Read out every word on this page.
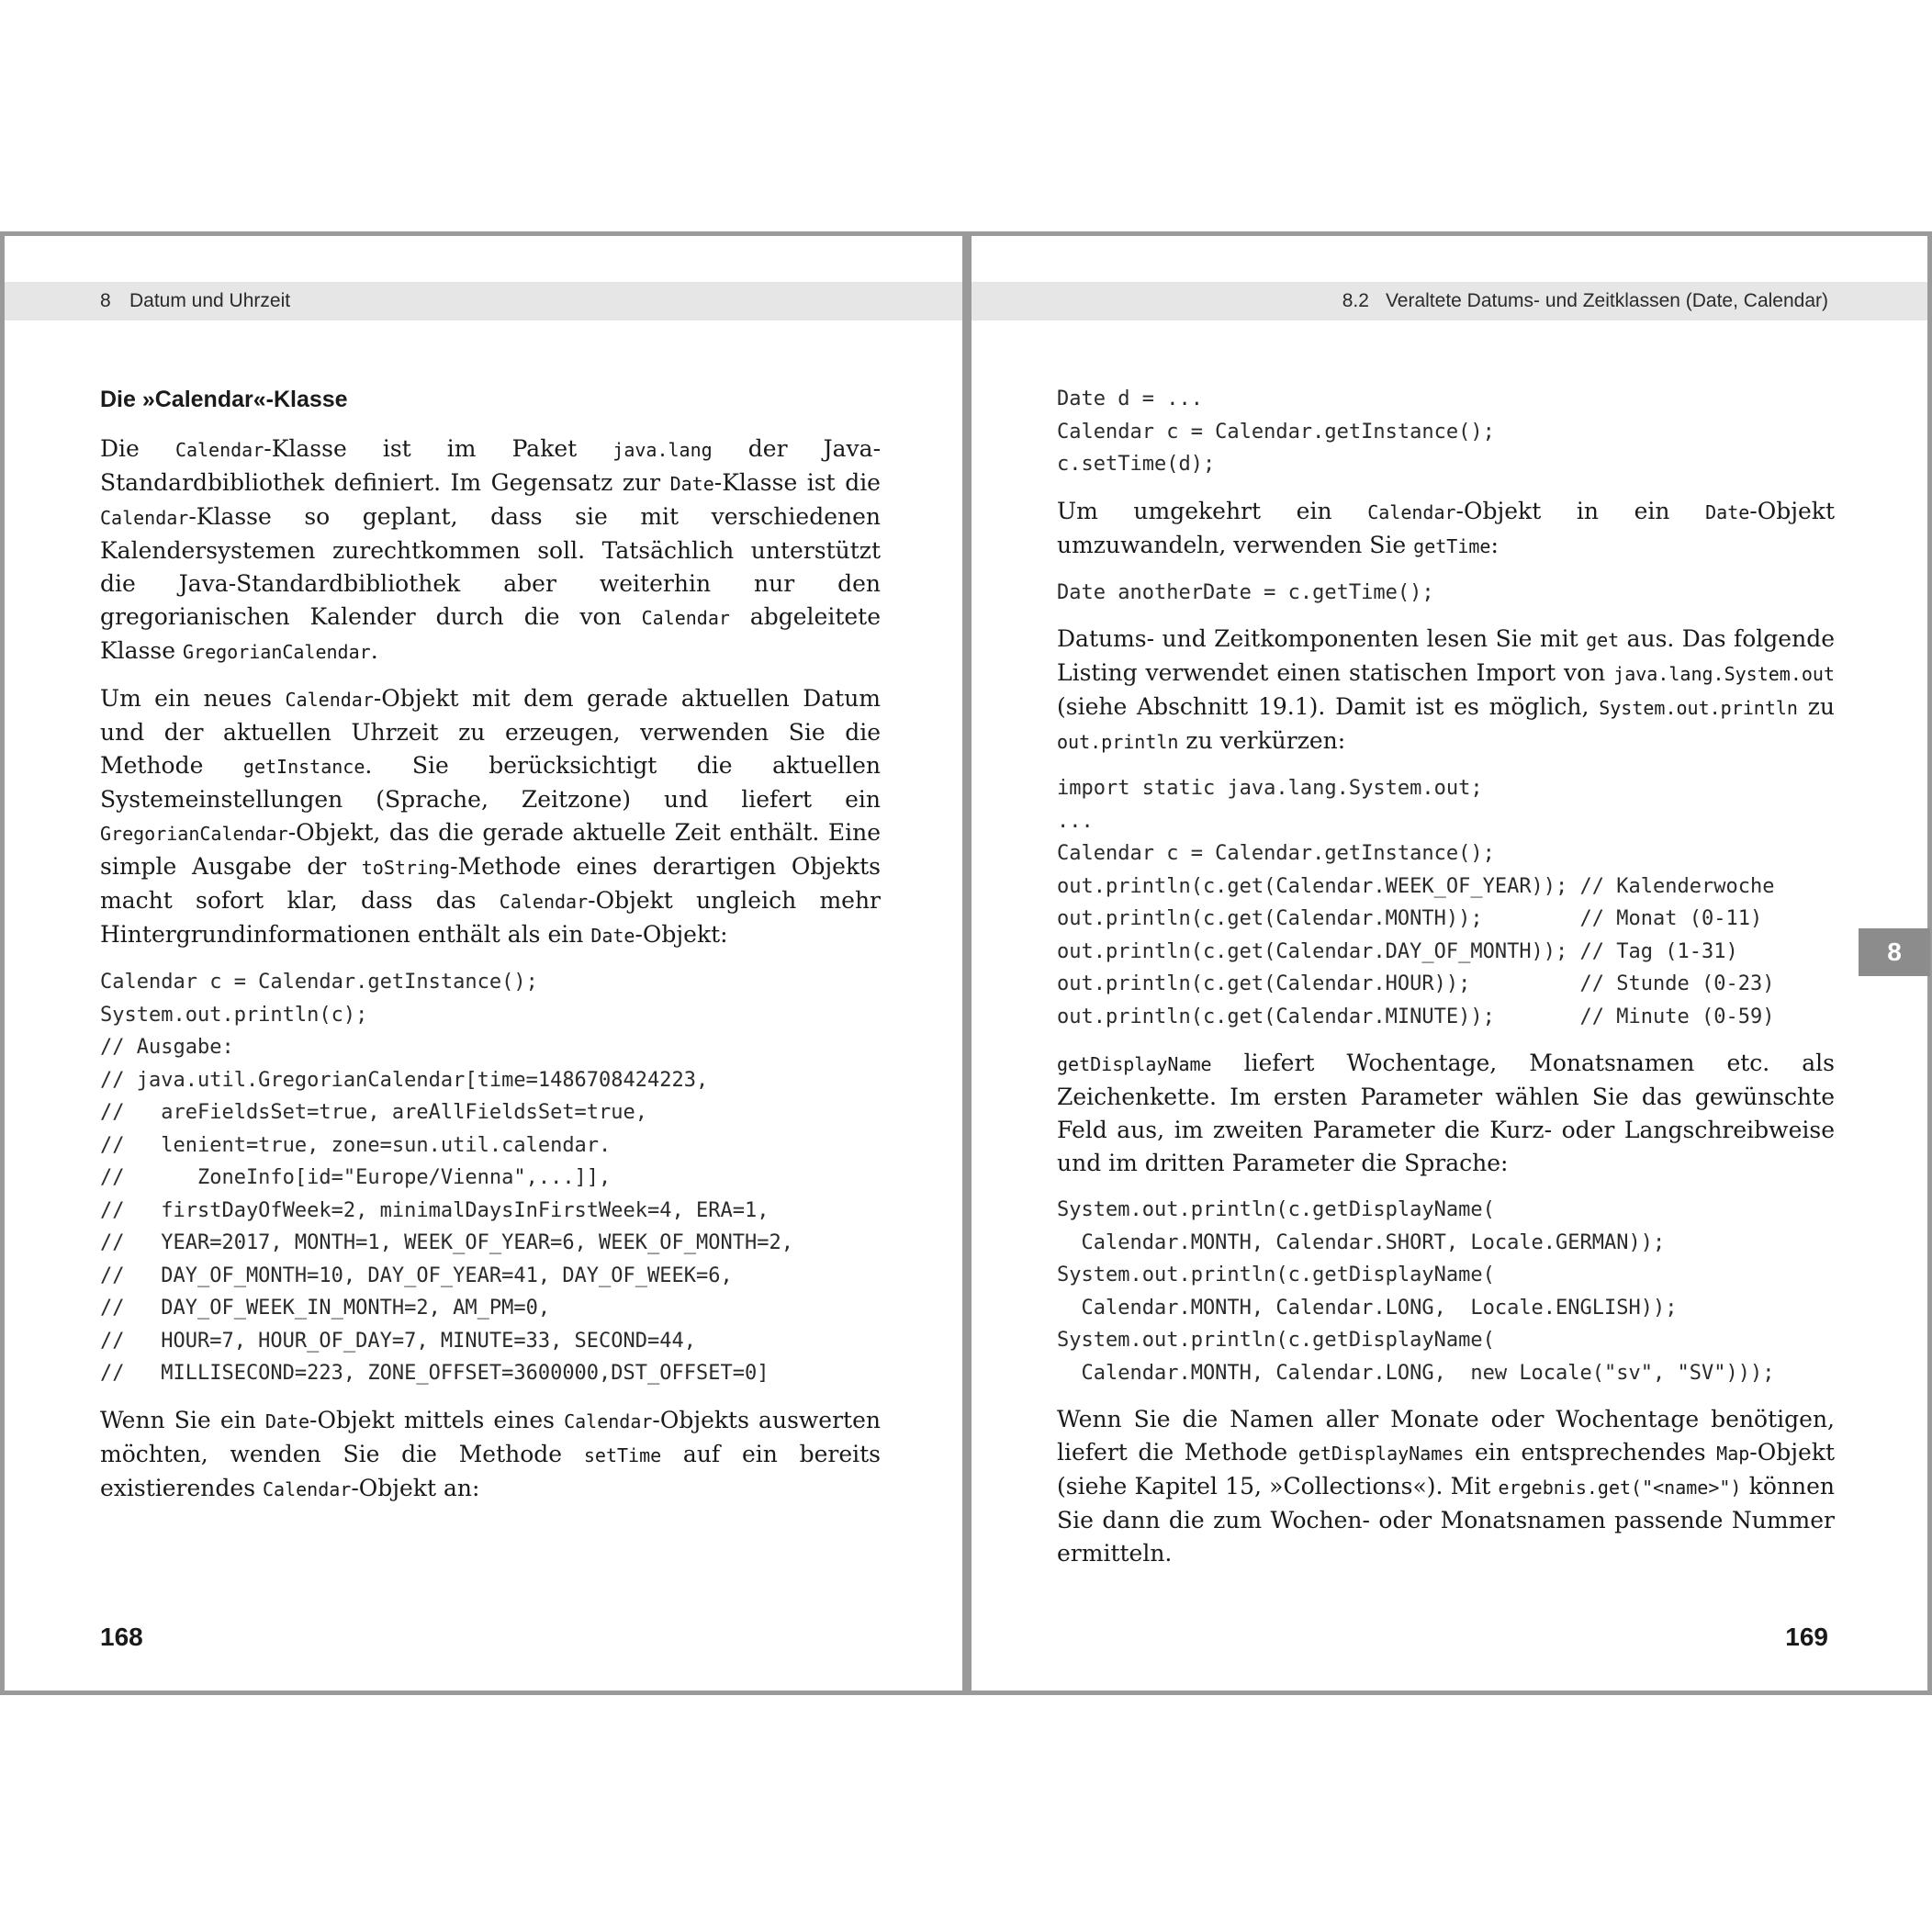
8 Datum und Uhrzeit
Die »Calendar«-Klasse

Die Calendar-Klasse ist im Paket java.lang der Java-Standardbibliothek definiert. Im Gegensatz zur Date-Klasse ist die Calendar-Klasse so geplant, dass sie mit verschiedenen Kalendersystemen zurechtkommen soll. Tatsächlich unterstützt die Java-Standardbibliothek aber weiterhin nur den gregorianischen Kalender durch die von Calendar abgeleitete Klasse GregorianCalendar.

Um ein neues Calendar-Objekt mit dem gerade aktuellen Datum und der aktuellen Uhrzeit zu erzeugen, verwenden Sie die Methode getInstance. Sie berücksichtigt die aktuellen Systemeinstellungen (Sprache, Zeitzone) und liefert ein GregorianCalendar-Objekt, das die gerade aktuelle Zeit enthält. Eine simple Ausgabe der toString-Methode eines derartigen Objekts macht sofort klar, dass das Calendar-Objekt ungleich mehr Hintergrundinformationen enthält als ein Date-Objekt:

Calendar c = Calendar.getInstance();
System.out.println(c);
// Ausgabe:
// java.util.GregorianCalendar[time=1486708424223,
//   areFieldsSet=true, areAllFieldsSet=true,
//   lenient=true, zone=sun.util.calendar.
//      ZoneInfo[id="Europe/Vienna",...]],
//   firstDayOfWeek=2, minimalDaysInFirstWeek=4, ERA=1,
//   YEAR=2017, MONTH=1, WEEK_OF_YEAR=6, WEEK_OF_MONTH=2,
//   DAY_OF_MONTH=10, DAY_OF_YEAR=41, DAY_OF_WEEK=6,
//   DAY_OF_WEEK_IN_MONTH=2, AM_PM=0,
//   HOUR=7, HOUR_OF_DAY=7, MINUTE=33, SECOND=44,
//   MILLISECOND=223, ZONE_OFFSET=3600000,DST_OFFSET=0]

Wenn Sie ein Date-Objekt mittels eines Calendar-Objekts auswerten möchten, wenden Sie die Methode setTime auf ein bereits existierendes Calendar-Objekt an:

168
8.2 Veraltete Datums- und Zeitklassen (Date, Calendar)
Date d = ...
Calendar c = Calendar.getInstance();
c.setTime(d);

Um umgekehrt ein Calendar-Objekt in ein Date-Objekt umzuwandeln, verwenden Sie getTime:

Date anotherDate = c.getTime();

Datums- und Zeitkomponenten lesen Sie mit get aus. Das folgende Listing verwendet einen statischen Import von java.lang.System.out (siehe Abschnitt 19.1). Damit ist es möglich, System.out.println zu out.println zu verkürzen:

import static java.lang.System.out;
...
Calendar c = Calendar.getInstance();
out.println(c.get(Calendar.WEEK_OF_YEAR)); // Kalenderwoche
out.println(c.get(Calendar.MONTH));        // Monat (0-11)
out.println(c.get(Calendar.DAY_OF_MONTH)); // Tag (1-31)
out.println(c.get(Calendar.HOUR));         // Stunde (0-23)
out.println(c.get(Calendar.MINUTE));       // Minute (0-59)

getDisplayName liefert Wochentage, Monatsnamen etc. als Zeichenkette. Im ersten Parameter wählen Sie das gewünschte Feld aus, im zweiten Parameter die Kurz- oder Langschreibweise und im dritten Parameter die Sprache:

System.out.println(c.getDisplayName(
Calendar.MONTH, Calendar.SHORT, Locale.GERMAN));
System.out.println(c.getDisplayName(
Calendar.MONTH, Calendar.LONG,  Locale.ENGLISH));
System.out.println(c.getDisplayName(
Calendar.MONTH, Calendar.LONG,  new Locale("sv", "SV")));

Wenn Sie die Namen aller Monate oder Wochentage benötigen, liefert die Methode getDisplayNames ein entsprechendes Map-Objekt (siehe Kapitel 15, »Collections«). Mit ergebnis.get("<name>") können Sie dann die zum Wochen- oder Monatsnamen passende Nummer ermitteln.

169
8
